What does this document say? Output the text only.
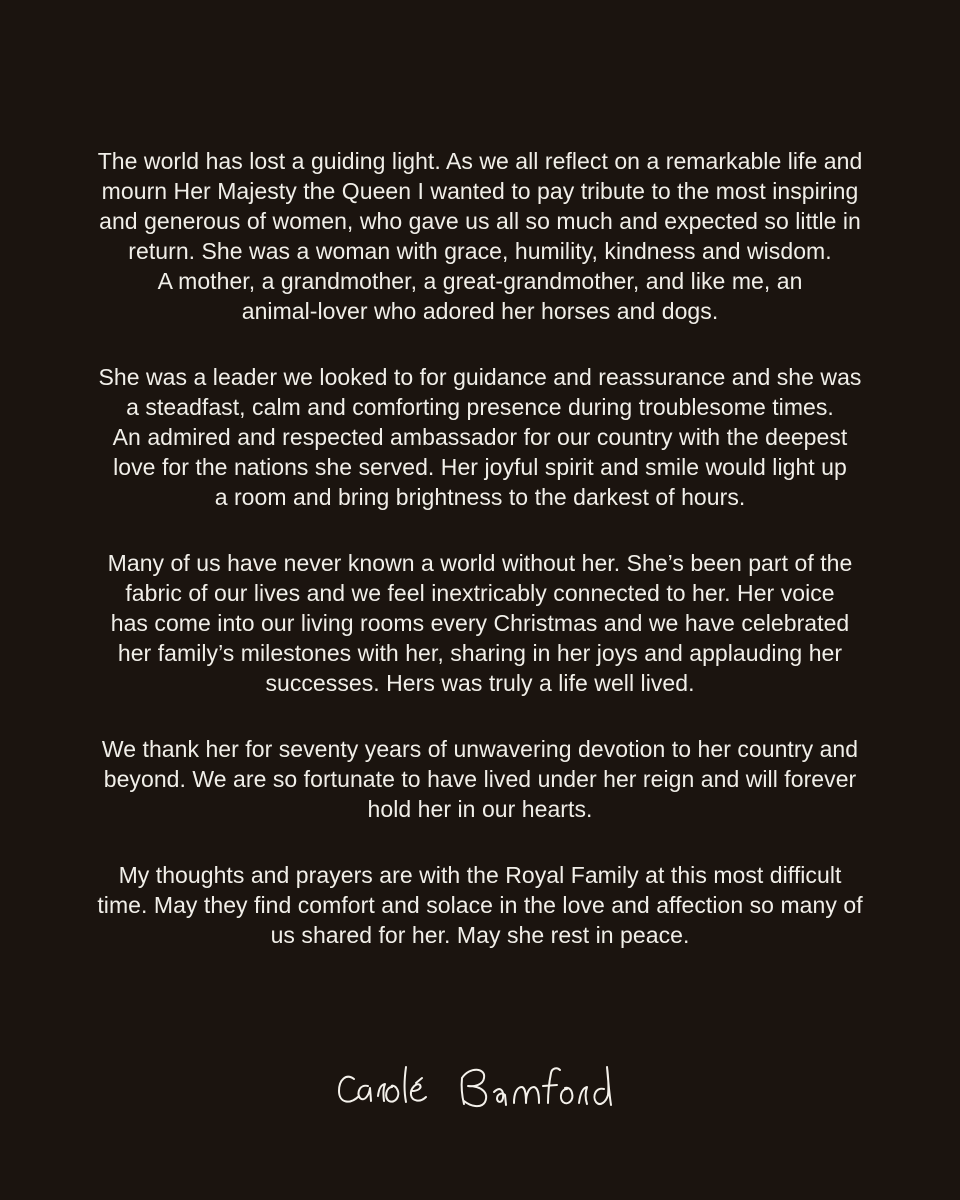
The world has lost a guiding light. As we all reflect on a remarkable life and
mourn Her Majesty the Queen I wanted to pay tribute to the most inspiring
and generous of women, who gave us all so much and expected so little in
return. She was a woman with grace, humility, kindness and wisdom.
A mother, a grandmother, a great-grandmother, and like me, an
animal-lover who adored her horses and dogs.

She was a leader we looked to for guidance and reassurance and she was
a steadfast, calm and comforting presence during troublesome times.
An admired and respected ambassador for our country with the deepest
love for the nations she served. Her joyful spirit and smile would light up
a room and bring brightness to the darkest of hours.

Many of us have never known a world without her. She’s been part of the
fabric of our lives and we feel inextricably connected to her. Her voice
has come into our living rooms every Christmas and we have celebrated
her family’s milestones with her, sharing in her joys and applauding her
successes. Hers was truly a life well lived.

We thank her for seventy years of unwavering devotion to her country and
beyond. We are so fortunate to have lived under her reign and will forever
hold her in our hearts.

My thoughts and prayers are with the Royal Family at this most difficult
time. May they find comfort and solace in the love and affection so many of
us shared for her. May she rest in peace.
